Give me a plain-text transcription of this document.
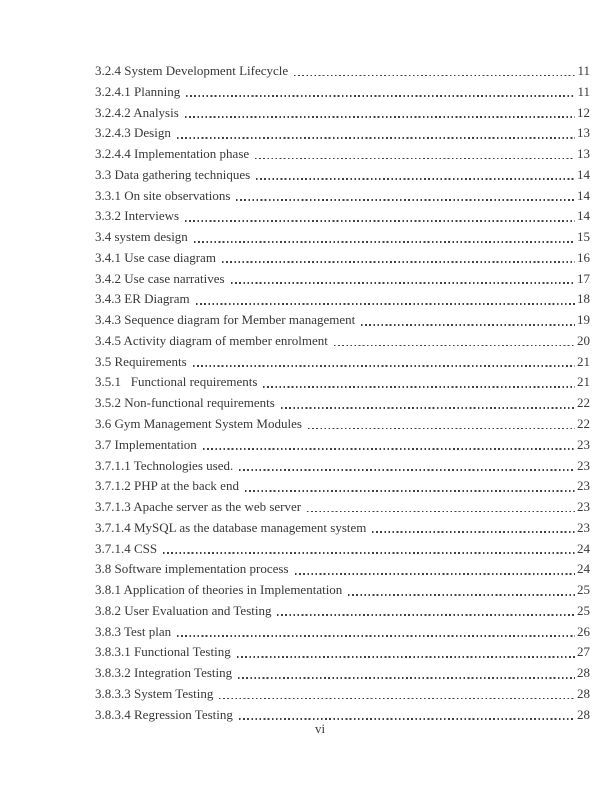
3.2.4 System Development Lifecycle	11
3.2.4.1 Planning	11
3.2.4.2 Analysis	12
3.2.4.3 Design	13
3.2.4.4 Implementation phase	13
3.3 Data gathering techniques	14
3.3.1 On site observations	14
3.3.2 Interviews	14
3.4 system design	15
3.4.1 Use case diagram	16
3.4.2 Use case narratives	17
3.4.3 ER Diagram	18
3.4.3 Sequence diagram for Member management	19
3.4.5 Activity diagram of member enrolment	20
3.5 Requirements	21
3.5.1   Functional requirements	21
3.5.2 Non-functional requirements	22
3.6 Gym Management System Modules	22
3.7 Implementation	23
3.7.1.1 Technologies used.	23
3.7.1.2 PHP at the back end	23
3.7.1.3 Apache server as the web server	23
3.7.1.4 MySQL as the database management system	23
3.7.1.4 CSS	24
3.8 Software implementation process	24
3.8.1 Application of theories in Implementation	25
3.8.2 User Evaluation and Testing	25
3.8.3 Test plan	26
3.8.3.1 Functional Testing	27
3.8.3.2 Integration Testing	28
3.8.3.3 System Testing	28
3.8.3.4 Regression Testing	28
vi
